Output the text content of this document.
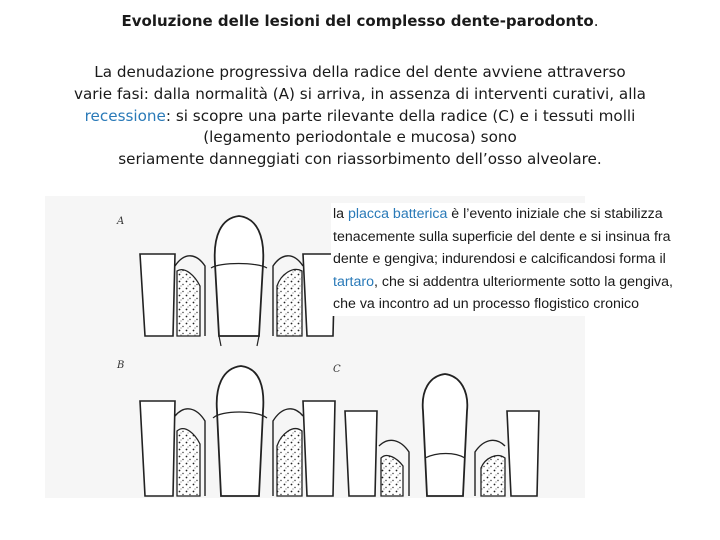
Evoluzione delle lesioni del complesso dente-parodonto.
La denudazione progressiva della radice del dente avviene attraverso
varie fasi: dalla normalità (A) si arriva, in assenza di interventi curativi, alla
recessione: si scopre una parte rilevante della radice (C) e i tessuti molli
(legamento periodontale e mucosa) sono
seriamente danneggiati con riassorbimento dell’osso alveolare.
A
B	C
la placca batterica è l’evento iniziale che si stabilizza tenacemente sulla superficie del dente e si insinua fra dente e gengiva; indurendosi e calcificandosi forma il tartaro, che si addentra ulteriormente sotto la gengiva, che va incontro ad un processo flogistico cronico
